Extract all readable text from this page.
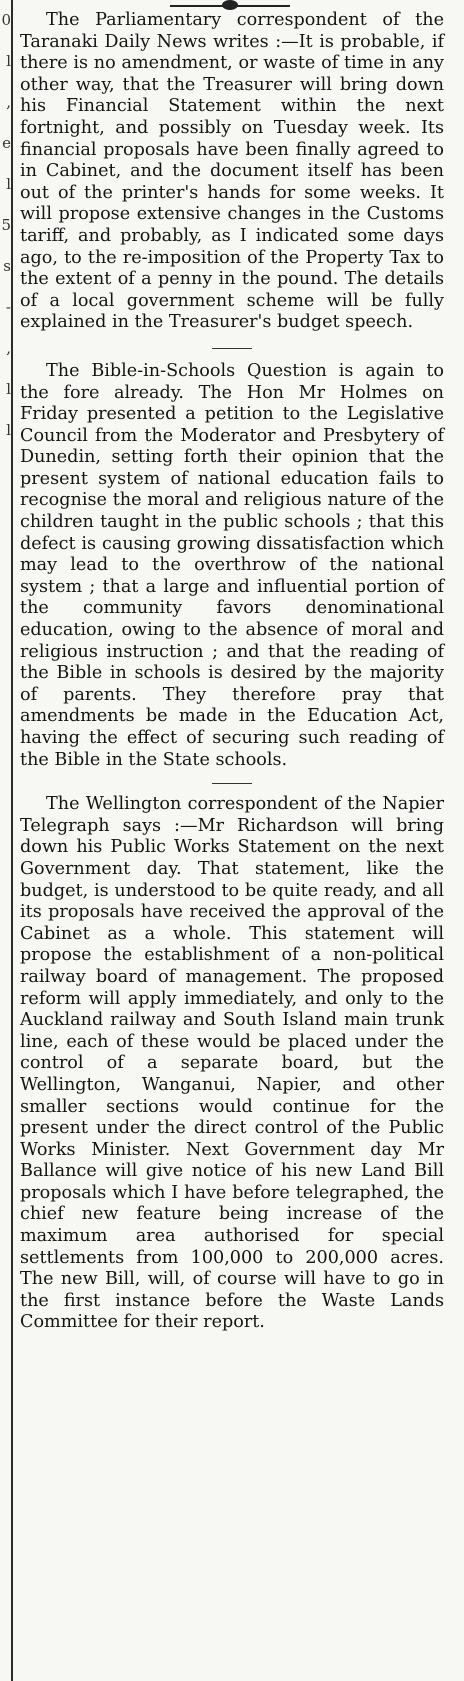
0 l , e l 5 s - , l l

The Parliamentary correspondent of the Taranaki Daily News writes :—It is probable, if there is no amendment, or waste of time in any other way, that the Treasurer will bring down his Financial Statement within the next fortnight, and possibly on Tuesday week. Its financial proposals have been finally agreed to in Cabinet, and the document itself has been out of the printer's hands for some weeks. It will propose extensive changes in the Customs tariff, and probably, as I indicated some days ago, to the re-imposition of the Property Tax to the extent of a penny in the pound. The details of a local government scheme will be fully explained in the Treasurer's budget speech.

The Bible-in-Schools Question is again to the fore already. The Hon Mr Holmes on Friday presented a petition to the Legislative Council from the Moderator and Presbytery of Dunedin, setting forth their opinion that the present system of national education fails to recognise the moral and religious nature of the children taught in the public schools ; that this defect is causing growing dissatisfaction which may lead to the overthrow of the national system ; that a large and influential portion of the community favors denominational education, owing to the absence of moral and religious instruction ; and that the reading of the Bible in schools is desired by the majority of parents. They therefore pray that amendments be made in the Education Act, having the effect of securing such reading of the Bible in the State schools.

The Wellington correspondent of the Napier Telegraph says :—Mr Richardson will bring down his Public Works Statement on the next Government day. That statement, like the budget, is understood to be quite ready, and all its proposals have received the approval of the Cabinet as a whole. This statement will propose the establishment of a non-political railway board of management. The proposed reform will apply immediately, and only to the Auckland railway and South Island main trunk line, each of these would be placed under the control of a separate board, but the Wellington, Wanganui, Napier, and other smaller sections would continue for the present under the direct control of the Public Works Minister. Next Government day Mr Ballance will give notice of his new Land Bill proposals which I have before telegraphed, the chief new feature being increase of the maximum area authorised for special settlements from 100,000 to 200,000 acres. The new Bill, will, of course will have to go in the first instance before the Waste Lands Committee for their report.
